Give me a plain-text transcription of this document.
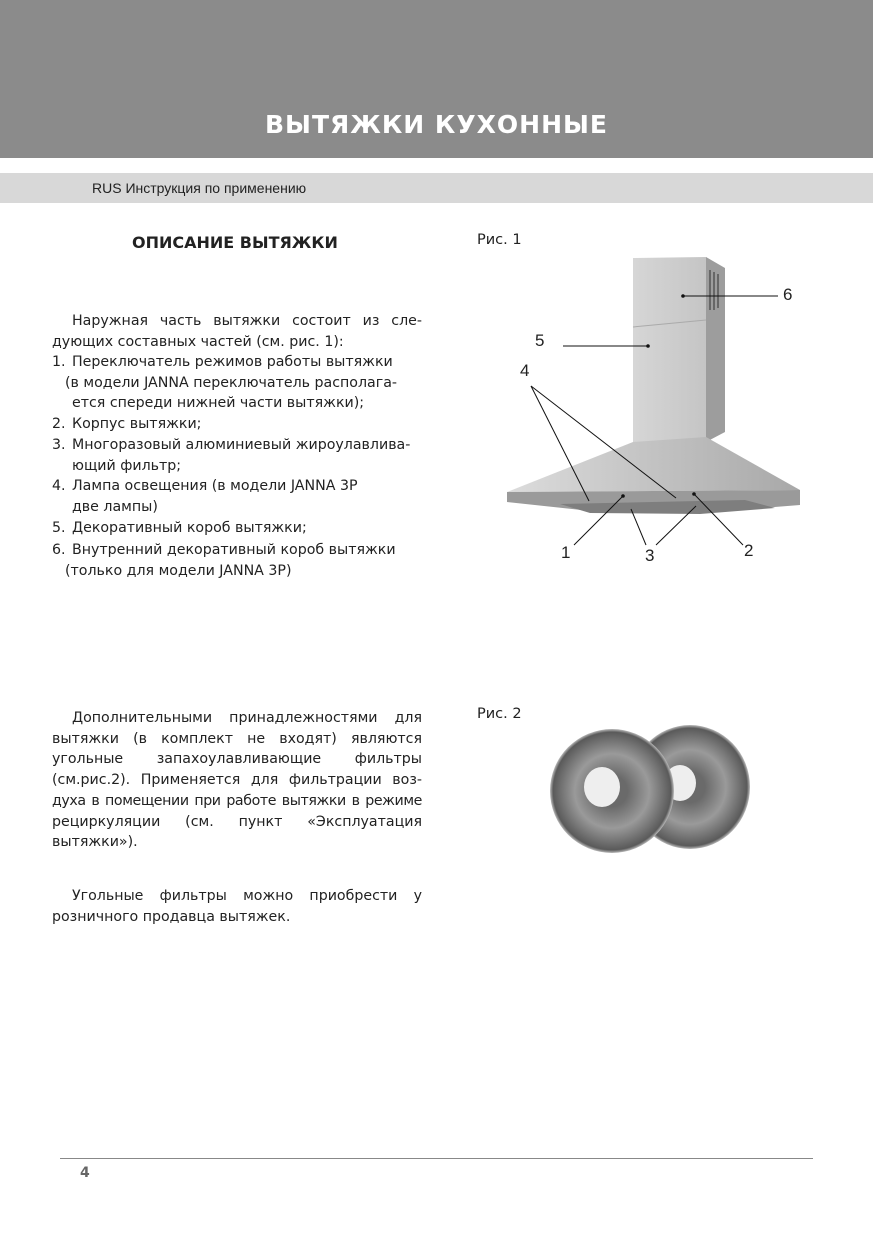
ВЫТЯЖКИ КУХОННЫЕ
RUS Инструкция по применению
ОПИСАНИЕ ВЫТЯЖКИ
Наружная часть вытяжки состоит из сле-
дующих составных частей (см. рис. 1):
1. Переключатель режимов работы вытяжки
(в модели JANNA переключатель располага-
ется спереди нижней части вытяжки);
2. Корпус вытяжки;
3. Многоразовый алюминиевый жироулавлива-
ющий фильтр;
4. Лампа освещения (в модели JANNA 3P
две лампы)
5. Декоративный короб вытяжки;
6. Внутренний декоративный короб вытяжки
(только для модели JANNA 3P)
Дополнительными принадлежностями для
вытяжки (в комплект не входят) являются
угольные запахоулавливающие фильтры
(см.рис.2). Применяется для фильтрации воз-
духа в помещении при работе вытяжки в режиме
рециркуляции (см. пункт «Эксплуатация
вытяжки»).
Угольные фильтры можно приобрести у
розничного продавца вытяжек.
Рис. 1
6
5
4
1	3	2
Рис. 2
4
